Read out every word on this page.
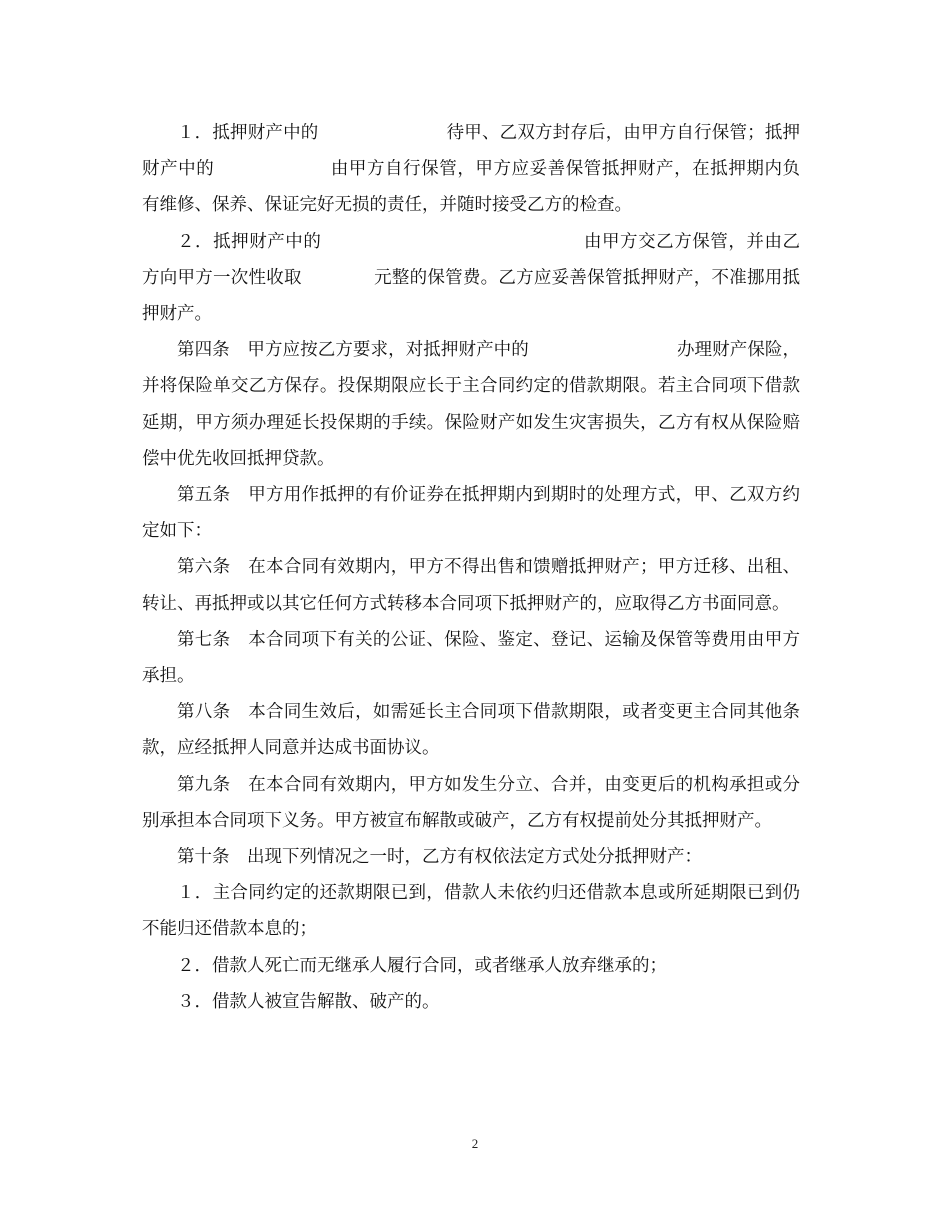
１．抵押财产中的	待甲、乙双方封存后，由甲方自行保管；抵押财产中的	由甲方自行保管，甲方应妥善保管抵押财产，在抵押期内负有维修、保养、保证完好无损的责任，并随时接受乙方的检查。

２．抵押财产中的	由甲方交乙方保管，并由乙方向甲方一次性收取	元整的保管费。乙方应妥善保管抵押财产，不准挪用抵押财产。

第四条　甲方应按乙方要求，对抵押财产中的	办理财产保险，并将保险单交乙方保存。投保期限应长于主合同约定的借款期限。若主合同项下借款延期，甲方须办理延长投保期的手续。保险财产如发生灾害损失，乙方有权从保险赔偿中优先收回抵押贷款。

第五条　甲方用作抵押的有价证券在抵押期内到期时的处理方式，甲、乙双方约定如下：

第六条　在本合同有效期内，甲方不得出售和馈赠抵押财产；甲方迁移、出租、转让、再抵押或以其它任何方式转移本合同项下抵押财产的，应取得乙方书面同意。

第七条　本合同项下有关的公证、保险、鉴定、登记、运输及保管等费用由甲方承担。

第八条　本合同生效后，如需延长主合同项下借款期限，或者变更主合同其他条款，应经抵押人同意并达成书面协议。

第九条　在本合同有效期内，甲方如发生分立、合并，由变更后的机构承担或分别承担本合同项下义务。甲方被宣布解散或破产，乙方有权提前处分其抵押财产。

第十条　出现下列情况之一时，乙方有权依法定方式处分抵押财产：

１．主合同约定的还款期限已到，借款人未依约归还借款本息或所延期限已到仍不能归还借款本息的；

２．借款人死亡而无继承人履行合同，或者继承人放弃继承的；

３．借款人被宣告解散、破产的。

2
